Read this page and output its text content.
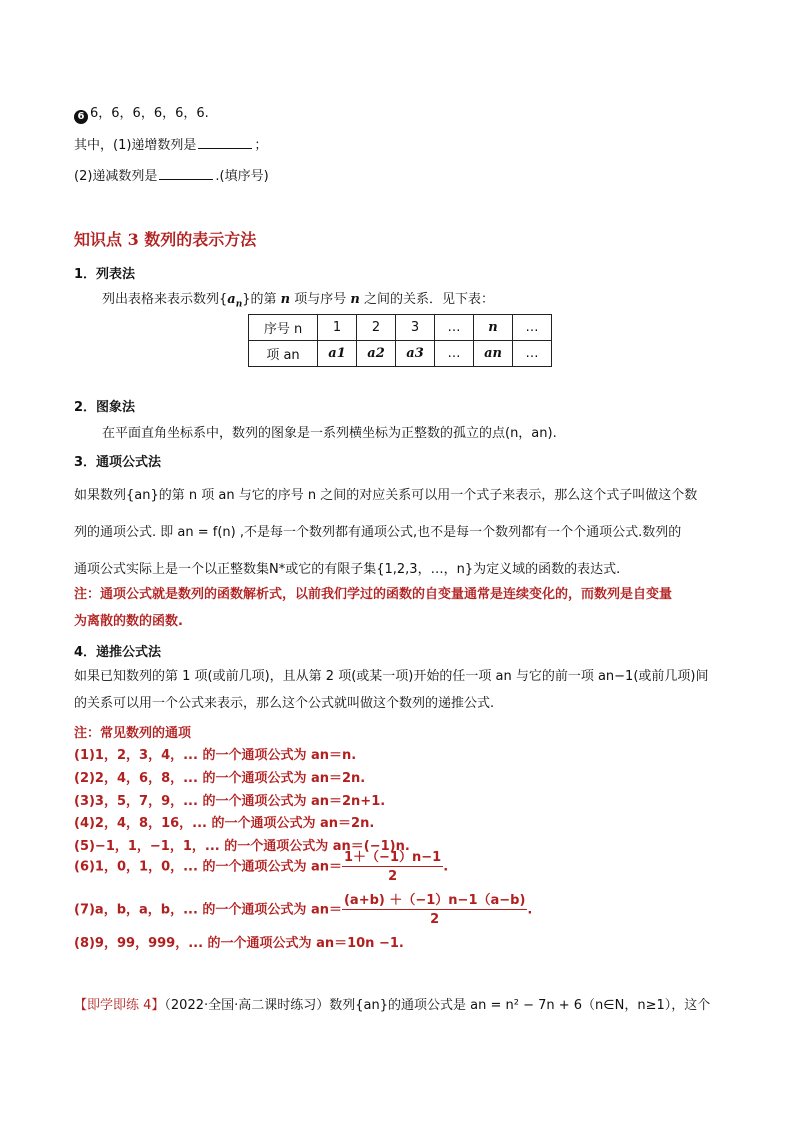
6 6，6，6，6，6，6.
其中，(1)递增数列是	；
(2)递减数列是	.(填序号)
知识点 3 数列的表示方法
1．列表法
列出表格来表示数列$\{a_n\}$的第 n 项与序号 n 之间的关系．见下表：
序号 n	1	2	3	…	n	…
项 an	a1	a2	a3	…	an	…
2．图象法
在平面直角坐标系中，数列的图象是一系列横坐标为正整数的孤立的点(n，an).
3．通项公式法
如果数列{an}的第 n 项 an 与它的序号 n 之间的对应关系可以用一个式子来表示，那么这个式子叫做这个数
列的通项公式. 即 an = f(n) ,不是每一个数列都有通项公式,也不是每一个数列都有一个个通项公式.数列的
通项公式实际上是一个以正整数集N*或它的有限子集{1,2,3，…，n}为定义域的函数的表达式.
注：通项公式就是数列的函数解析式，以前我们学过的函数的自变量通常是连续变化的，而数列是自变量
为离散的数的函数.
4．递推公式法
如果已知数列的第 1 项(或前几项)，且从第 2 项(或某一项)开始的任一项 an 与它的前一项 an−1(或前几项)间
的关系可以用一个公式来表示，那么这个公式就叫做这个数列的递推公式.
注：常见数列的通项
(1)1，2，3，4，... 的一个通项公式为 an＝n.
(2)2，4，6，8，... 的一个通项公式为 an＝2n.
(3)3，5，7，9，... 的一个通项公式为 an＝2n+1.
(4)2，4，8，16，... 的一个通项公式为 an＝2n.
(5)−1，1，−1，1，... 的一个通项公式为 an＝(−1)n.
(6)1，0，1，0，... 的一个通项公式为 $an= \frac{1+(-1)n-1}{2}$ .
(7)a，b，a，b，... 的一个通项公式为 $an= \frac{(a+b) +(-1)n-1(a-b)}{2}$ .
(8)9，99，999，... 的一个通项公式为 an＝10n −1.
【即学即练 4】（2022·全国·高二课时练习）数列{an}的通项公式是 an = n² − 7n + 6（n∈N，n≥1），这个
